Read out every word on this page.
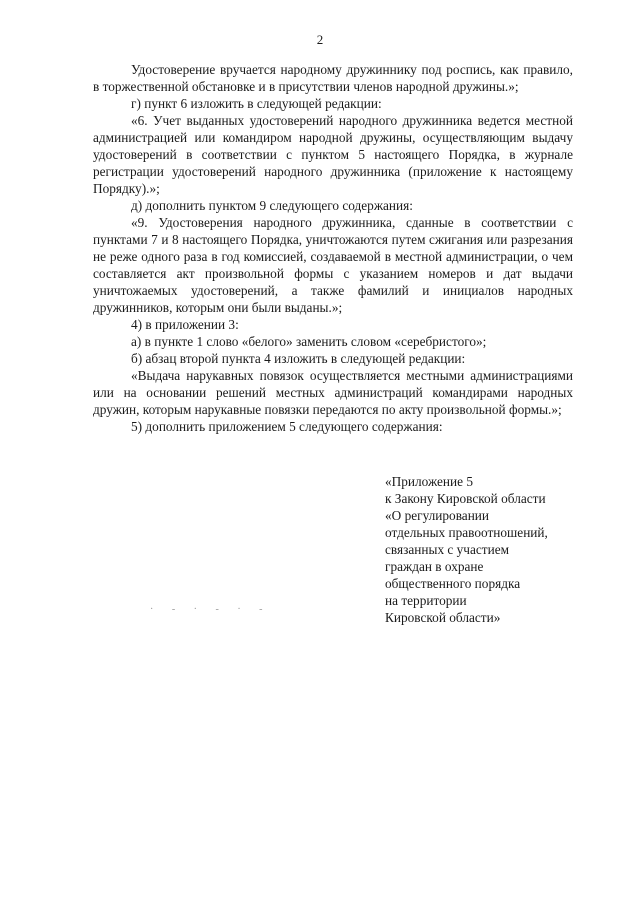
2

Удостоверение вручается народному дружиннику под роспись, как правило, в торжественной обстановке и в присутствии членов народной дружины.»;

г) пункт 6 изложить в следующей редакции:

«6. Учет выданных удостоверений народного дружинника ведется местной администрацией или командиром народной дружины, осуществляющим выдачу удостоверений в соответствии с пунктом 5 настоящего Порядка, в журнале регистрации удостоверений народного дружинника (приложение к настоящему Порядку).»;

д) дополнить пунктом 9 следующего содержания:

«9. Удостоверения народного дружинника, сданные в соответствии с пунктами 7 и 8 настоящего Порядка, уничтожаются путем сжигания или разрезания не реже одного раза в год комиссией, создаваемой в местной администрации, о чем составляется акт произвольной формы с указанием номеров и дат выдачи уничтожаемых удостоверений, а также фамилий и инициалов народных дружинников, которым они были выданы.»;

4) в приложении 3:

а) в пункте 1 слово «белого» заменить словом «серебристого»;

б) абзац второй пункта 4 изложить в следующей редакции:

«Выдача нарукавных повязок осуществляется местными администрациями или на основании решений местных администраций командирами народных дружин, которым нарукавные повязки передаются по акту произвольной формы.»;

5) дополнить приложением 5 следующего содержания:

«Приложение 5
к Закону Кировской области
«О регулировании
отдельных правоотношений,
связанных с участием
граждан в охране
общественного порядка
на территории
Кировской области»
· - · - · -
